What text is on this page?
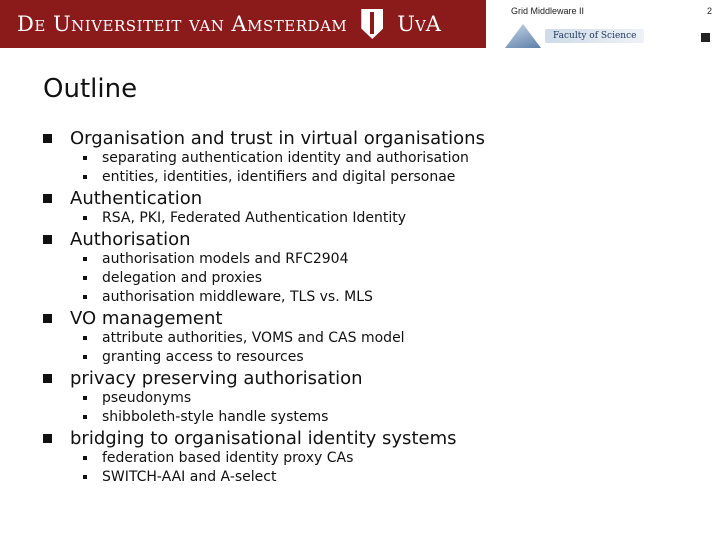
De Universiteit van Amsterdam UvA
Grid Middleware II	2
Faculty of Science
Outline
Organisation and trust in virtual organisations
separating authentication identity and authorisation
entities, identities, identifiers and digital personae
Authentication
RSA, PKI, Federated Authentication Identity
Authorisation
authorisation models and RFC2904
delegation and proxies
authorisation middleware, TLS vs. MLS
VO management
attribute authorities, VOMS and CAS model
granting access to resources
privacy preserving authorisation
pseudonyms
shibboleth-style handle systems
bridging to organisational identity systems
federation based identity proxy CAs
SWITCH-AAI and A-select
